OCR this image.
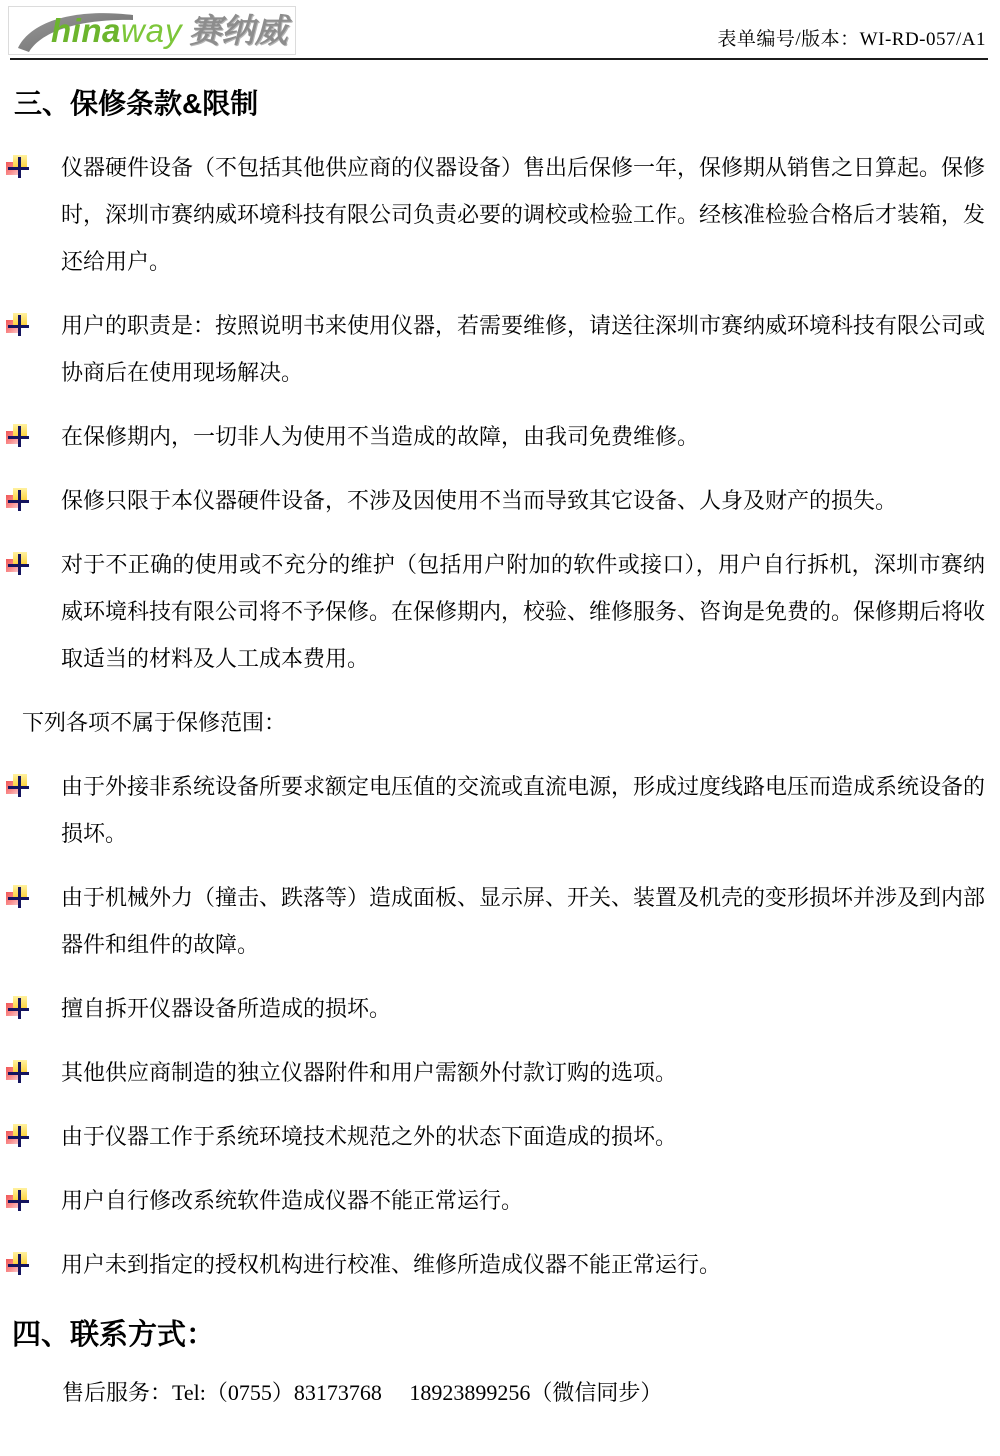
hinaway 赛纳威	表单编号/版本：WI-RD-057/A1
三、保修条款&限制
仪器硬件设备（不包括其他供应商的仪器设备）售出后保修一年，保修期从销售之日算起。保修时，深圳市赛纳威环境科技有限公司负责必要的调校或检验工作。经核准检验合格后才装箱，发还给用户。
用户的职责是：按照说明书来使用仪器，若需要维修，请送往深圳市赛纳威环境科技有限公司或协商后在使用现场解决。
在保修期内，一切非人为使用不当造成的故障，由我司免费维修。
保修只限于本仪器硬件设备，不涉及因使用不当而导致其它设备、人身及财产的损失。
对于不正确的使用或不充分的维护（包括用户附加的软件或接口），用户自行拆机，深圳市赛纳威环境科技有限公司将不予保修。在保修期内，校验、维修服务、咨询是免费的。保修期后将收取适当的材料及人工成本费用。
下列各项不属于保修范围：
由于外接非系统设备所要求额定电压值的交流或直流电源，形成过度线路电压而造成系统设备的损坏。
由于机械外力（撞击、跌落等）造成面板、显示屏、开关、装置及机壳的变形损坏并涉及到内部器件和组件的故障。
擅自拆开仪器设备所造成的损坏。
其他供应商制造的独立仪器附件和用户需额外付款订购的选项。
由于仪器工作于系统环境技术规范之外的状态下面造成的损坏。
用户自行修改系统软件造成仪器不能正常运行。
用户未到指定的授权机构进行校准、维修所造成仪器不能正常运行。
四、联系方式：
售后服务：Tel:（0755）83173768　 18923899256（微信同步）
